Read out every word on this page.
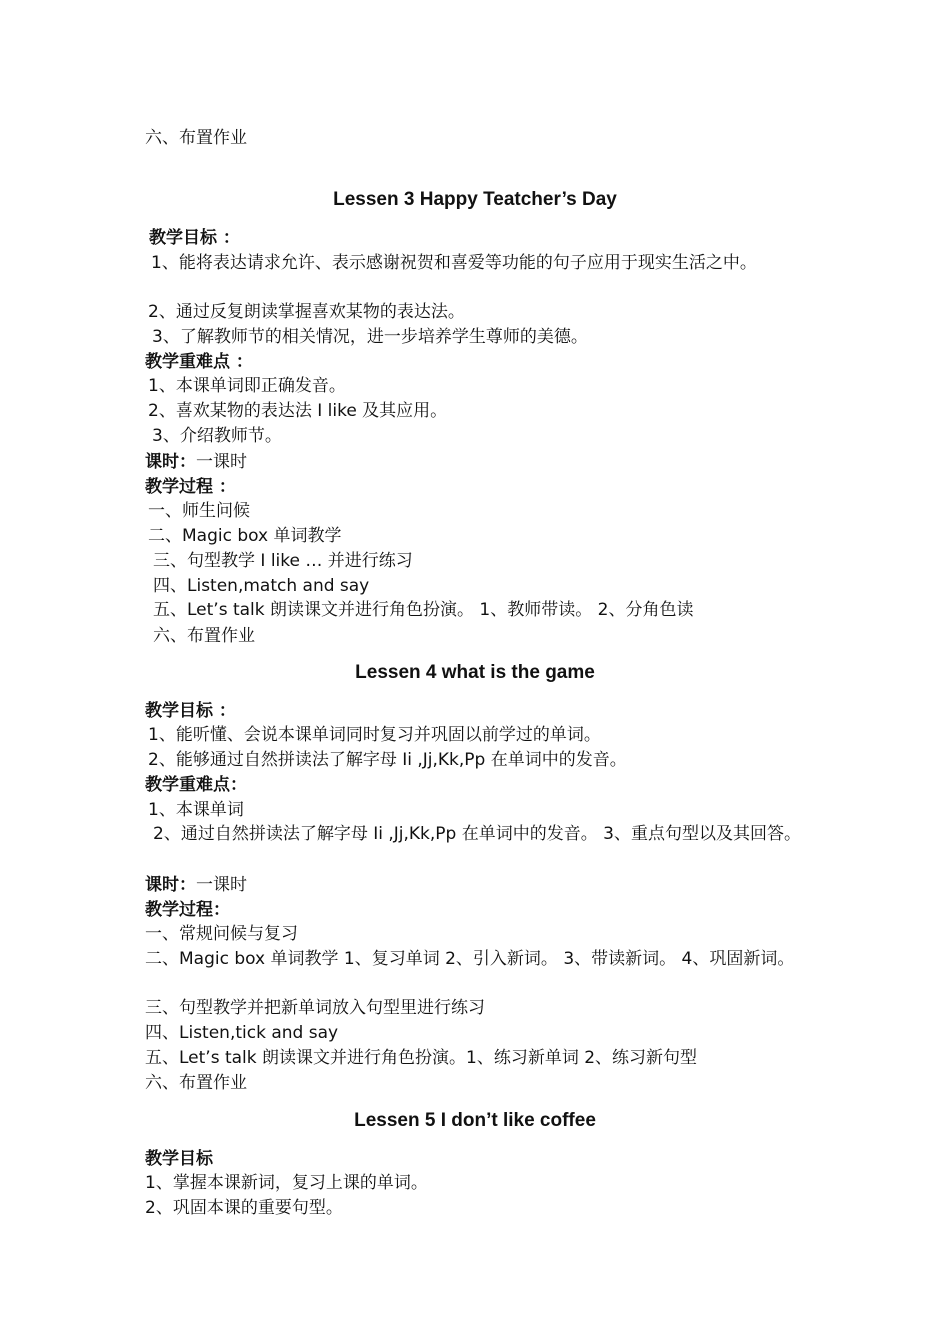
六、布置作业
Lessen 3 Happy Teatcher’s Day
教学目标 ：
1、能将表达请求允许、表示感谢祝贺和喜爱等功能的句子应用于现实生活之中。
2、通过反复朗读掌握喜欢某物的表达法。
3、了解教师节的相关情况，进一步培养学生尊师的美德。
教学重难点 ：
1、本课单词即正确发音。
2、喜欢某物的表达法 I like 及其应用。
3、介绍教师节。
课时：一课时
教学过程 ：
一、师生问候
二、Magic box 单词教学
三、句型教学 I like … 并进行练习
四、Listen,match and say
五、Let’s talk 朗读课文并进行角色扮演。 1、教师带读。 2、分角色读
六、布置作业
Lessen 4 what is the game
教学目标 ：
1、能听懂、会说本课单词同时复习并巩固以前学过的单词。
2、能够通过自然拼读法了解字母 Ii ,Jj,Kk,Pp 在单词中的发音。
教学重难点：
1、本课单词
2、通过自然拼读法了解字母 Ii ,Jj,Kk,Pp 在单词中的发音。 3、重点句型以及其回答。
课时：一课时
教学过程：
一、常规问候与复习
二、Magic box 单词教学 1、复习单词 2、引入新词。 3、带读新词。 4、巩固新词。
三、句型教学并把新单词放入句型里进行练习
四、Listen,tick and say
五、Let’s talk 朗读课文并进行角色扮演。1、练习新单词 2、练习新句型
六、布置作业
Lessen 5 I don’t like coffee
教学目标
1、掌握本课新词，复习上课的单词。
2、巩固本课的重要句型。
